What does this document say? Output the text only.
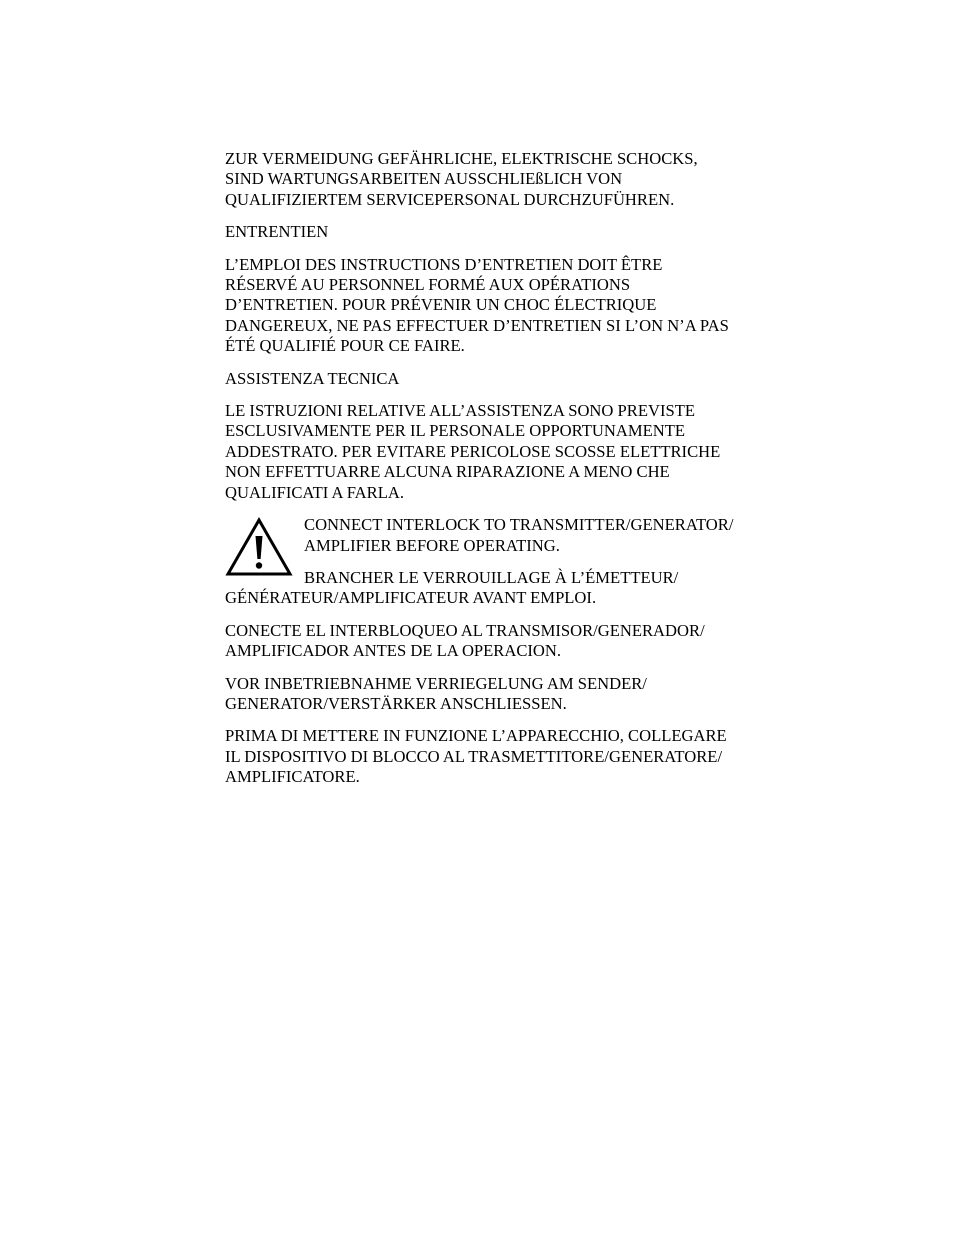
ZUR VERMEIDUNG GEFÄHRLICHE, ELEKTRISCHE SCHOCKS,
SIND WARTUNGSARBEITEN AUSSCHLIEßLICH VON
QUALIFIZIERTEM SERVICEPERSONAL DURCHZUFÜHREN.

ENTRENTIEN

L’EMPLOI DES INSTRUCTIONS D’ENTRETIEN DOIT ÊTRE
RÉSERVÉ AU PERSONNEL FORMÉ AUX OPÉRATIONS
D’ENTRETIEN. POUR PRÉVENIR UN CHOC ÉLECTRIQUE
DANGEREUX, NE PAS EFFECTUER D’ENTRETIEN SI L’ON N’A PAS
ÉTÉ QUALIFIÉ POUR CE FAIRE.

ASSISTENZA TECNICA

LE ISTRUZIONI RELATIVE ALL’ASSISTENZA SONO PREVISTE
ESCLUSIVAMENTE PER IL PERSONALE OPPORTUNAMENTE
ADDESTRATO. PER EVITARE PERICOLOSE SCOSSE ELETTRICHE
NON EFFETTUARRE ALCUNA RIPARAZIONE A MENO CHE
QUALIFICATI A FARLA.

CONNECT INTERLOCK TO TRANSMITTER/GENERATOR/
AMPLIFIER BEFORE OPERATING.

BRANCHER LE VERROUILLAGE À L’ÉMETTEUR/
GÉNÉRATEUR/AMPLIFICATEUR AVANT EMPLOI.

CONECTE EL INTERBLOQUEO AL TRANSMISOR/GENERADOR/
AMPLIFICADOR ANTES DE LA OPERACION.

VOR INBETRIEBNAHME VERRIEGELUNG AM SENDER/
GENERATOR/VERSTÄRKER ANSCHLIESSEN.

PRIMA DI METTERE IN FUNZIONE L’APPARECCHIO, COLLEGARE
IL DISPOSITIVO DI BLOCCO AL TRASMETTITORE/GENERATORE/
AMPLIFICATORE.
